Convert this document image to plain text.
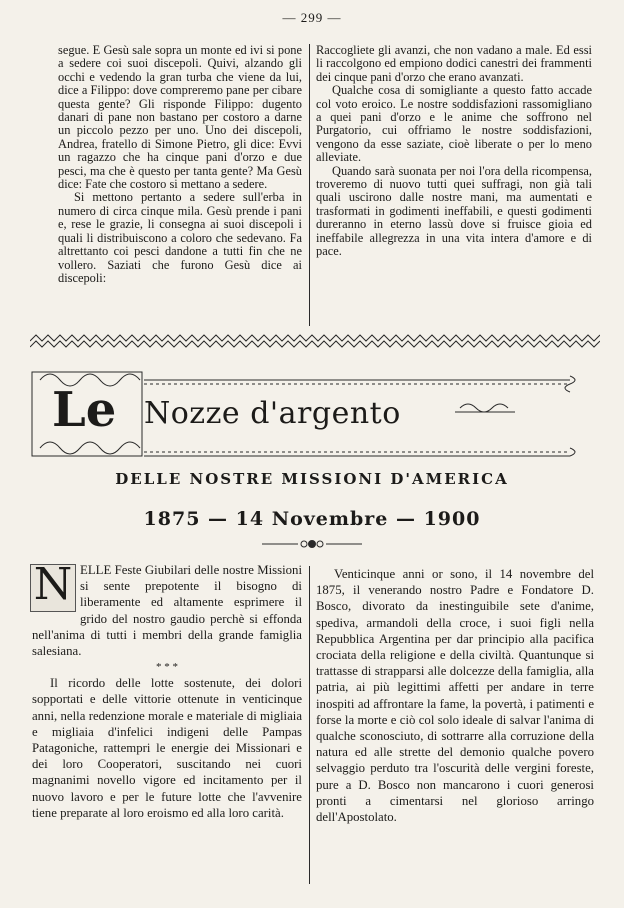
— 299 —

segue. E Gesù sale sopra un monte ed ivi si pone a sedere coi suoi discepoli. Quivi, alzando gli occhi e vedendo la gran turba che viene da lui, dice a Filippo: dove compreremo pane per cibare questa gente? Gli risponde Filippo: dugento danari di pane non bastano per costoro a darne un piccolo pezzo per uno. Uno dei discepoli, Andrea, fratello di Simone Pietro, gli dice: Evvi un ragazzo che ha cinque pani d'orzo e due pesci, ma che è questo per tanta gente? Ma Gesù dice: Fate che costoro si mettano a sedere.

Si mettono pertanto a sedere sull'erba in numero di circa cinque mila. Gesù prende i pani e, rese le grazie, li consegna ai suoi discepoli i quali li distribuiscono a coloro che sedevano. Fa altrettanto coi pesci dandone a tutti fin che ne vollero. Saziati che furono Gesù dice ai discepoli:

Raccogliete gli avanzi, che non vadano a male. Ed essi li raccolgono ed empiono dodici canestri dei frammenti dei cinque pani d'orzo che erano avanzati.

Qualche cosa di somigliante a questo fatto accade col voto eroico. Le nostre soddisfazioni rassomigliano a quei pani d'orzo e le anime che soffrono nel Purgatorio, cui offriamo le nostre soddisfazioni, vengono da esse saziate, cioè liberate o per lo meno alleviate.

Quando sarà suonata per noi l'ora della ricompensa, troveremo di nuovo tutti quei suffragi, non già tali quali uscirono dalle nostre mani, ma aumentati e trasformati in godimenti ineffabili, e questi godimenti dureranno in eterno lassù dove si fruisce gioia ed ineffabile allegrezza in una vita intera d'amore e di pace.

Le Nozze d'argento
DELLE NOSTRE MISSIONI D'AMERICA
1875 — 14 Novembre — 1900
N ELLE Feste Giubilari delle nostre Missioni si sente prepotente il bisogno di liberamente ed altamente esprimere il grido del nostro gaudio perchè si effonda nell'anima di tutti i membri della grande famiglia salesiana.

* * *

Il ricordo delle lotte sostenute, dei dolori sopportati e delle vittorie ottenute in venticinque anni, nella redenzione morale e materiale di migliaia e migliaia d'infelici indigeni delle Pampas Patagoniche, rattempri le energie dei Missionari e dei loro Cooperatori, suscitando nei cuori magnanimi novello vigore ed incitamento per il nuovo lavoro e per le future lotte che l'avvenire tiene preparate al loro eroismo ed alla loro carità.

Venticinque anni or sono, il 14 novembre del 1875, il venerando nostro Padre e Fondatore D. Bosco, divorato da inestinguibile sete d'anime, spediva, armandoli della croce, i suoi figli nella Repubblica Argentina per dar principio alla pacifica crociata della religione e della civiltà. Quantunque si trattasse di strapparsi alle dolcezze della famiglia, alla patria, ai più legittimi affetti per andare in terre inospiti ad affrontare la fame, la povertà, i patimenti e forse la morte e ciò col solo ideale di salvar l'anima di qualche sconosciuto, di sottrarre alla corruzione della natura ed alle strette del demonio qualche povero selvaggio perduto tra l'oscurità delle vergini foreste, pure a D. Bosco non mancarono i cuori generosi pronti a cimentarsi nel glorioso arringo dell'Apostolato.
